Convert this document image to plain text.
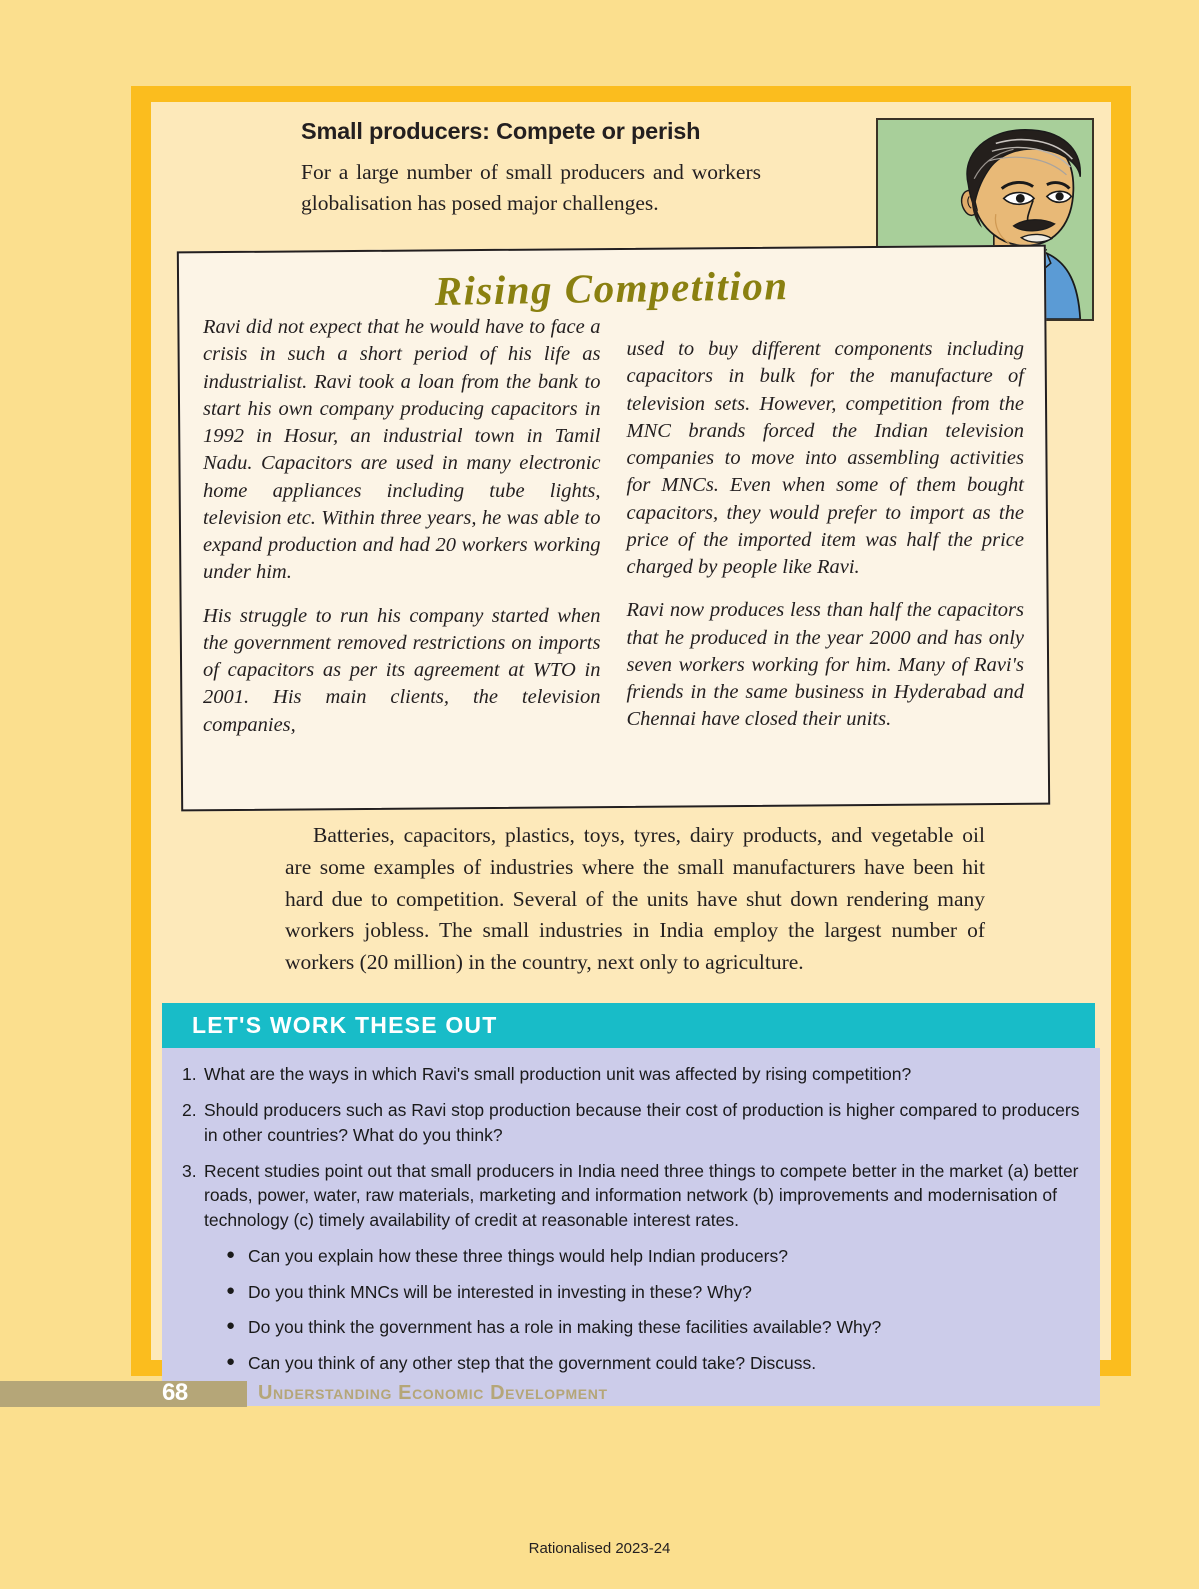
Small producers: Compete or perish

For a large number of small producers and workers globalisation has posed major challenges.

Rising Competition

Ravi did not expect that he would have to face a crisis in such a short period of his life as industrialist. Ravi took a loan from the bank to start his own company producing capacitors in 1992 in Hosur, an industrial town in Tamil Nadu. Capacitors are used in many electronic home appliances including tube lights, television etc. Within three years, he was able to expand production and had 20 workers working under him.

His struggle to run his company started when the government removed restrictions on imports of capacitors as per its agreement at WTO in 2001. His main clients, the television companies,

used to buy different components including capacitors in bulk for the manufacture of television sets. However, competition from the MNC brands forced the Indian television companies to move into assembling activities for MNCs. Even when some of them bought capacitors, they would prefer to import as the price of the imported item was half the price charged by people like Ravi.

Ravi now produces less than half the capacitors that he produced in the year 2000 and has only seven workers working for him. Many of Ravi's friends in the same business in Hyderabad and Chennai have closed their units.

Batteries, capacitors, plastics, toys, tyres, dairy products, and vegetable oil are some examples of industries where the small manufacturers have been hit hard due to competition. Several of the units have shut down rendering many workers jobless. The small industries in India employ the largest number of workers (20 million) in the country, next only to agriculture.

LET'S WORK THESE OUT
1. What are the ways in which Ravi's small production unit was affected by rising competition?
2. Should producers such as Ravi stop production because their cost of production is higher compared to producers in other countries? What do you think?
3. Recent studies point out that small producers in India need three things to compete better in the market (a) better roads, power, water, raw materials, marketing and information network (b) improvements and modernisation of technology (c) timely availability of credit at reasonable interest rates.
● Can you explain how these three things would help Indian producers?
● Do you think MNCs will be interested in investing in these? Why?
● Do you think the government has a role in making these facilities available? Why?
● Can you think of any other step that the government could take? Discuss.
68	Understanding Economic Development
Rationalised 2023-24
